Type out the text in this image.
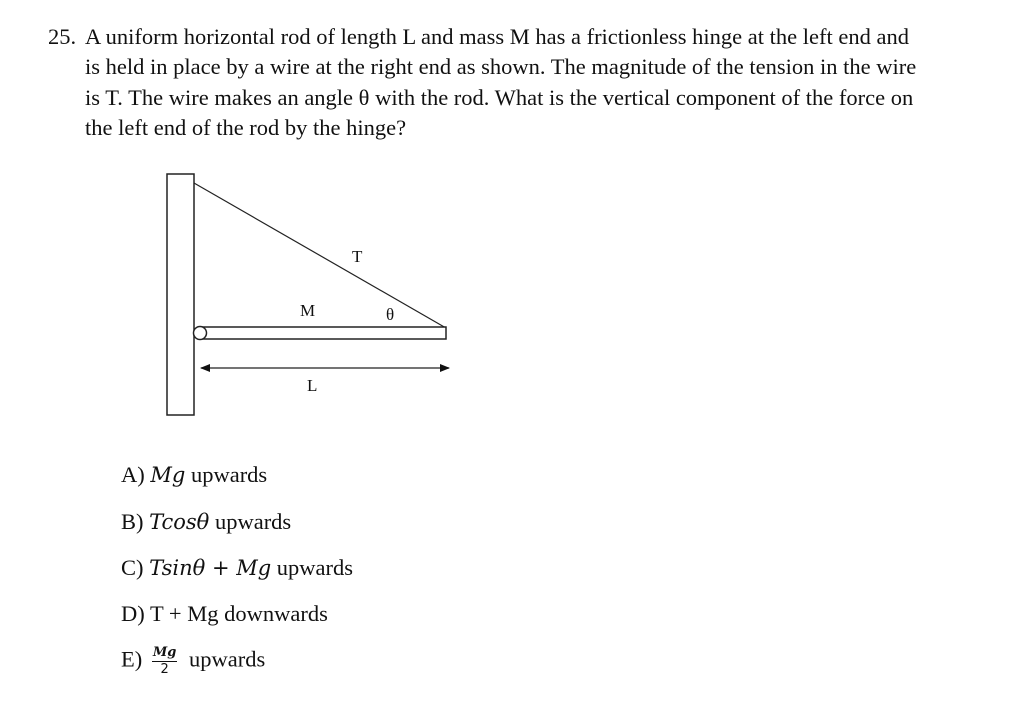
25. A uniform horizontal rod of length L and mass M has a frictionless hinge at the left end and
is held in place by a wire at the right end as shown. The magnitude of the tension in the wire
is T. The wire makes an angle θ with the rod. What is the vertical component of the force on
the left end of the rod by the hinge?
T
M	θ
L
A) Mg upwards
B) Tcosθ upwards
C) Tsinθ + Mg upwards
D) T + Mg downwards
$E) \frac{Mg}{2}$ upwards
